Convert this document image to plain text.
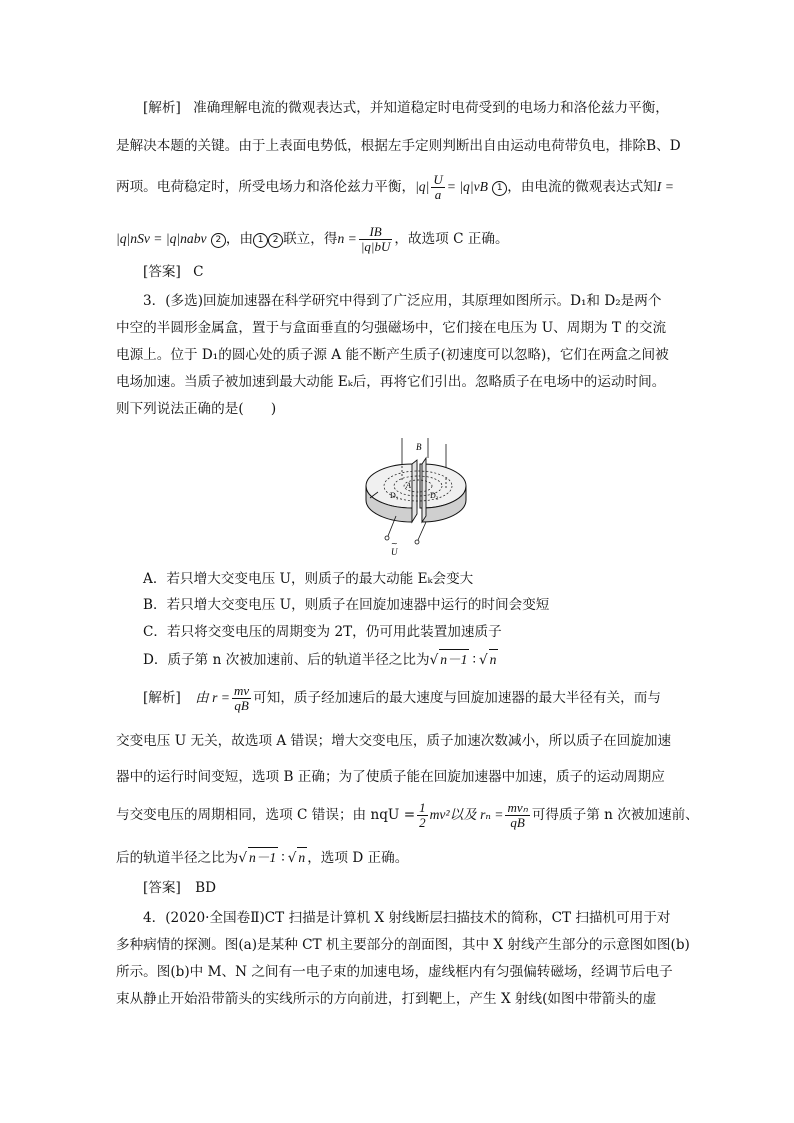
[解析] 准确理解电流的微观表达式，并知道稳定时电荷受到的电场力和洛伦兹力平衡，
是解决本题的关键。由于上表面电势低，根据左手定则判断出自由运动电荷带负电，排除B、D
两项。电荷稳定时，所受电场力和洛伦兹力平衡，$|q| \frac{U}{a} = |q|vB$ 1 ，由电流的微观表达式知I =
|q|nSv = |q|nabv 2 ，由 1 2 联立，得$n = \frac{IB}{|q|bU}$ ，故选项 C 正确。
[答案] C
3．(多选)回旋加速器在科学研究中得到了广泛应用，其原理如图所示。D₁和 D₂是两个
中空的半圆形金属盒，置于与盒面垂直的匀强磁场中，它们接在电压为 U、周期为 T 的交流
电源上。位于 D₁的圆心处的质子源 A 能不断产生质子(初速度可以忽略)，它们在两盒之间被
电场加速。当质子被加速到最大动能 Eₖ后，再将它们引出。忽略质子在电场中的运动时间。
则下列说法正确的是(　　)
B
A
D₁	D₂
U
~
A．若只增大交变电压 U，则质子的最大动能 Eₖ会变大
B．若只增大交变电压 U，则质子在回旋加速器中运行的时间会变短
C．若只将交变电压的周期变为 2T，仍可用此装置加速质子
D．质子第 n 次被加速前、后的轨道半径之比为√ n－1 ∶ √ n
[解析] 由 $r = \frac{mv}{qB}$ 可知，质子经加速后的最大速度与回旋加速器的最大半径有关，而与
交变电压 U 无关，故选项 A 错误；增大交变电压，质子加速次数减小，所以质子在回旋加速
器中的运行时间变短，选项 B 正确；为了使质子能在回旋加速器中加速，质子的运动周期应
与交变电压的周期相同，选项 C 错误；由 nqU = $\frac{1}{2} mv^2$以及 $r_n = \frac{\text{mvₙ}}{qB}$ 可得质子第 n 次被加速前、
后的轨道半径之比为√ n－1 ∶ √ n ，选项 D 正确。
[答案] BD
4．(2020·全国卷Ⅱ)CT 扫描是计算机 X 射线断层扫描技术的简称，CT 扫描机可用于对
多种病情的探测。图(a)是某种 CT 机主要部分的剖面图，其中 X 射线产生部分的示意图如图(b)
所示。图(b)中 M、N 之间有一电子束的加速电场，虚线框内有匀强偏转磁场，经调节后电子
束从静止开始沿带箭头的实线所示的方向前进，打到靶上，产生 X 射线(如图中带箭头的虚
